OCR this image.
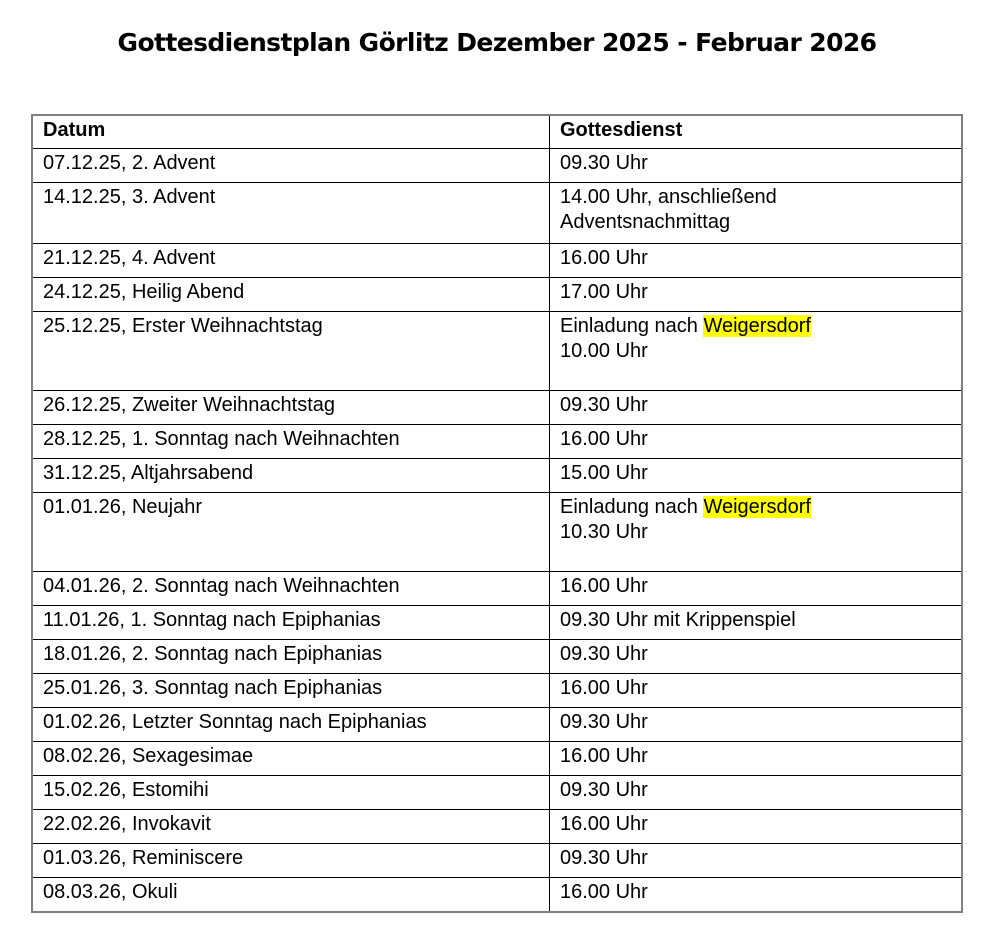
Gottesdienstplan Görlitz Dezember 2025 - Februar 2026
Datum	Gottesdienst
07.12.25, 2. Advent	09.30 Uhr
14.12.25, 3. Advent	14.00 Uhr, anschließend
Adventsnachmittag

21.12.25, 4. Advent	16.00 Uhr
24.12.25, Heilig Abend	17.00 Uhr
25.12.25, Erster Weihnachtstag	Einladung nach Weigersdorf
10.00 Uhr

26.12.25, Zweiter Weihnachtstag	09.30 Uhr
28.12.25, 1. Sonntag nach Weihnachten	16.00 Uhr
31.12.25, Altjahrsabend	15.00 Uhr
01.01.26, Neujahr	Einladung nach Weigersdorf
10.30 Uhr

04.01.26, 2. Sonntag nach Weihnachten	16.00 Uhr
11.01.26, 1. Sonntag nach Epiphanias	09.30 Uhr mit Krippenspiel
18.01.26, 2. Sonntag nach Epiphanias	09.30 Uhr
25.01.26, 3. Sonntag nach Epiphanias	16.00 Uhr
01.02.26, Letzter Sonntag nach Epiphanias	09.30 Uhr
08.02.26, Sexagesimae	16.00 Uhr
15.02.26, Estomihi	09.30 Uhr
22.02.26, Invokavit	16.00 Uhr
01.03.26, Reminiscere	09.30 Uhr
08.03.26, Okuli	16.00 Uhr
